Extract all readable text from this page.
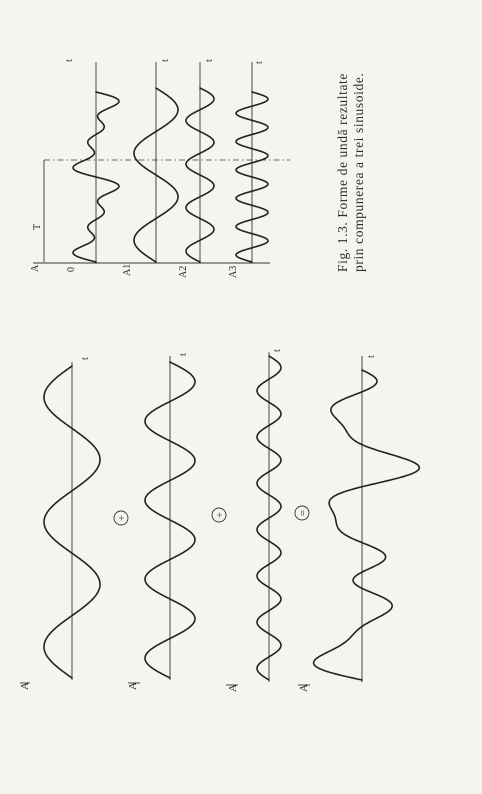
A	A	A	A
t
t
t
t
+	+	=
A	A1	A2	A3
0
T
t	t	t
t
Fig. 1.3. Forme de undă rezultate prin compunerea a trei sinusoide.
